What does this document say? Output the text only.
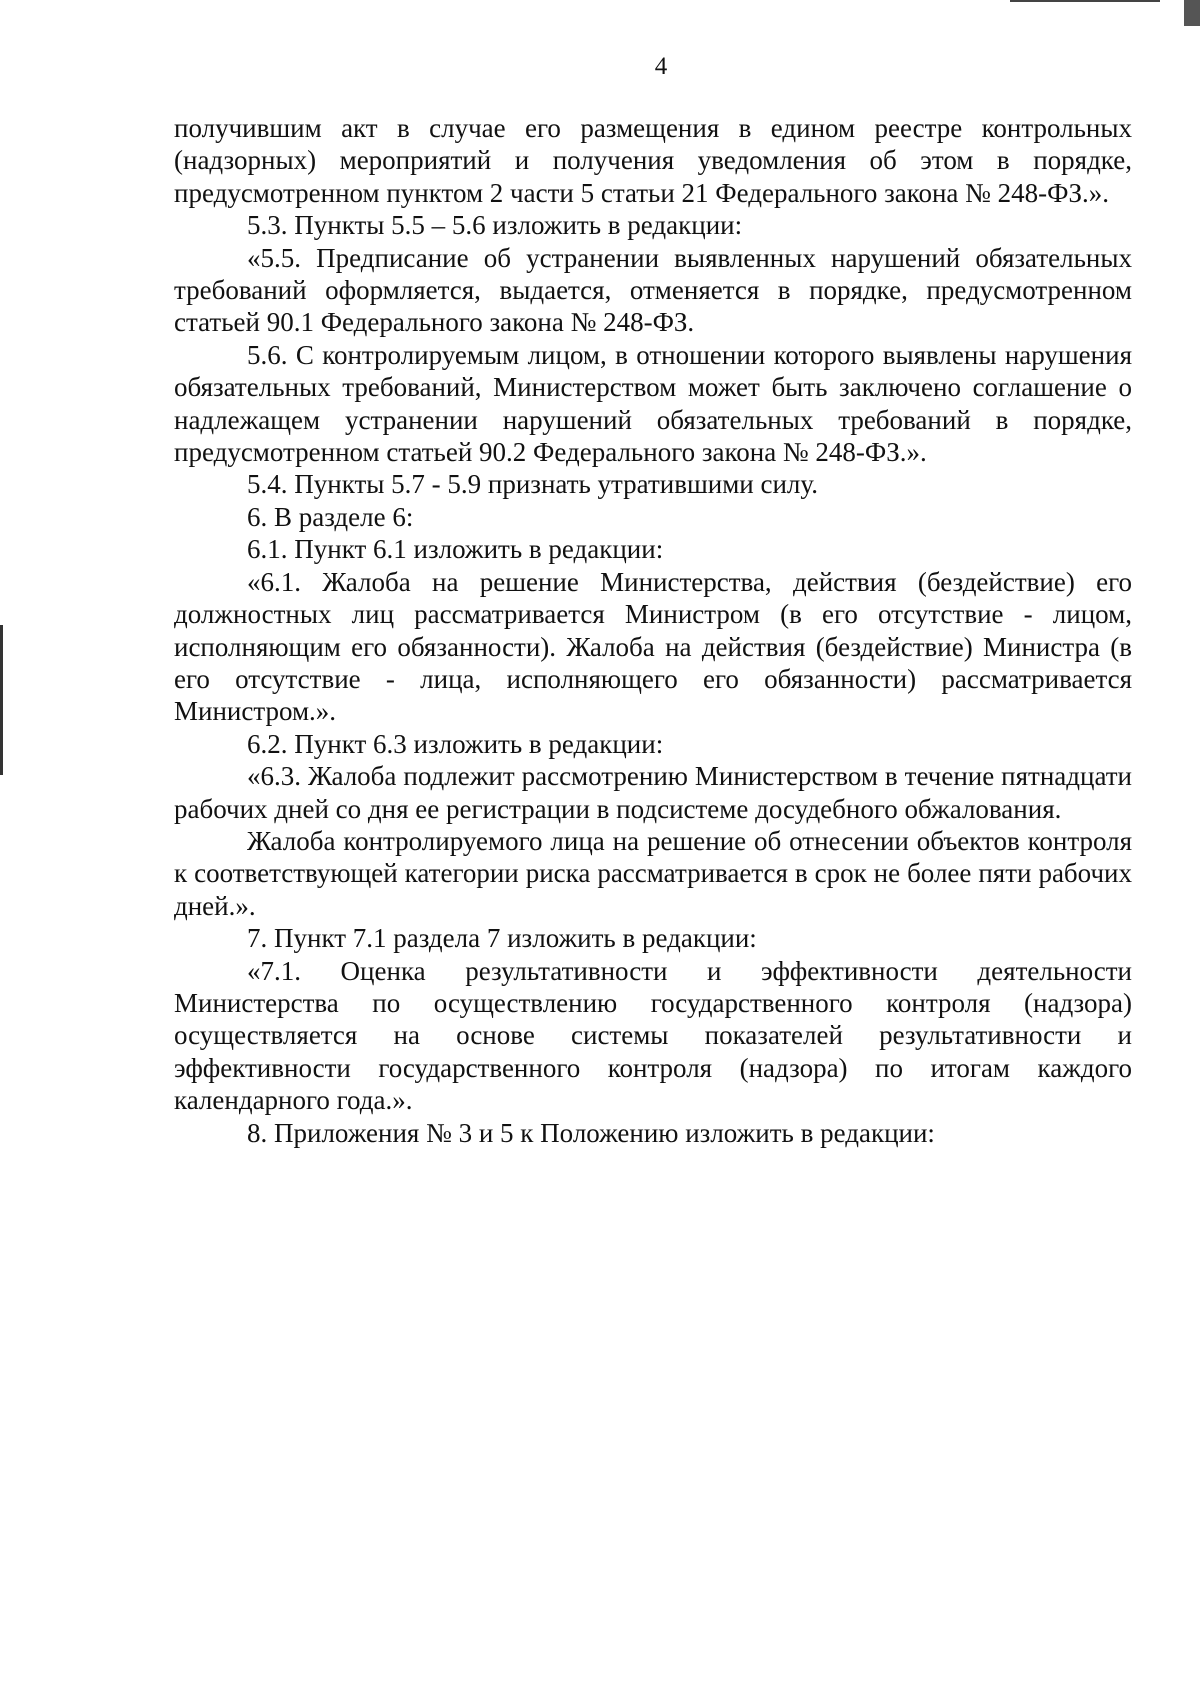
4

получившим акт в случае его размещения в едином реестре контрольных (надзорных) мероприятий и получения уведомления об этом в порядке, предусмотренном пунктом 2 части 5 статьи 21 Федерального закона № 248-ФЗ.».

5.3. Пункты 5.5 – 5.6 изложить в редакции:

«5.5. Предписание об устранении выявленных нарушений обязательных требований оформляется, выдается, отменяется в порядке, предусмотренном статьей 90.1 Федерального закона № 248-ФЗ.

5.6. С контролируемым лицом, в отношении которого выявлены нарушения обязательных требований, Министерством может быть заключено соглашение о надлежащем устранении нарушений обязательных требований в порядке, предусмотренном статьей 90.2 Федерального закона № 248-ФЗ.».

5.4. Пункты 5.7 - 5.9 признать утратившими силу.

6. В разделе 6:

6.1. Пункт 6.1 изложить в редакции:

«6.1. Жалоба на решение Министерства, действия (бездействие) его должностных лиц рассматривается Министром (в его отсутствие - лицом, исполняющим его обязанности). Жалоба на действия (бездействие) Министра (в его отсутствие - лица, исполняющего его обязанности) рассматривается Министром.».

6.2. Пункт 6.3 изложить в редакции:

«6.3. Жалоба подлежит рассмотрению Министерством в течение пятнадцати рабочих дней со дня ее регистрации в подсистеме досудебного обжалования.

Жалоба контролируемого лица на решение об отнесении объектов контроля к соответствующей категории риска рассматривается в срок не более пяти рабочих дней.».

7. Пункт 7.1 раздела 7 изложить в редакции:

«7.1. Оценка результативности и эффективности деятельности Министерства по осуществлению государственного контроля (надзора) осуществляется на основе системы показателей результативности и эффективности государственного контроля (надзора) по итогам каждого календарного года.».

8. Приложения № 3 и 5 к Положению изложить в редакции:
